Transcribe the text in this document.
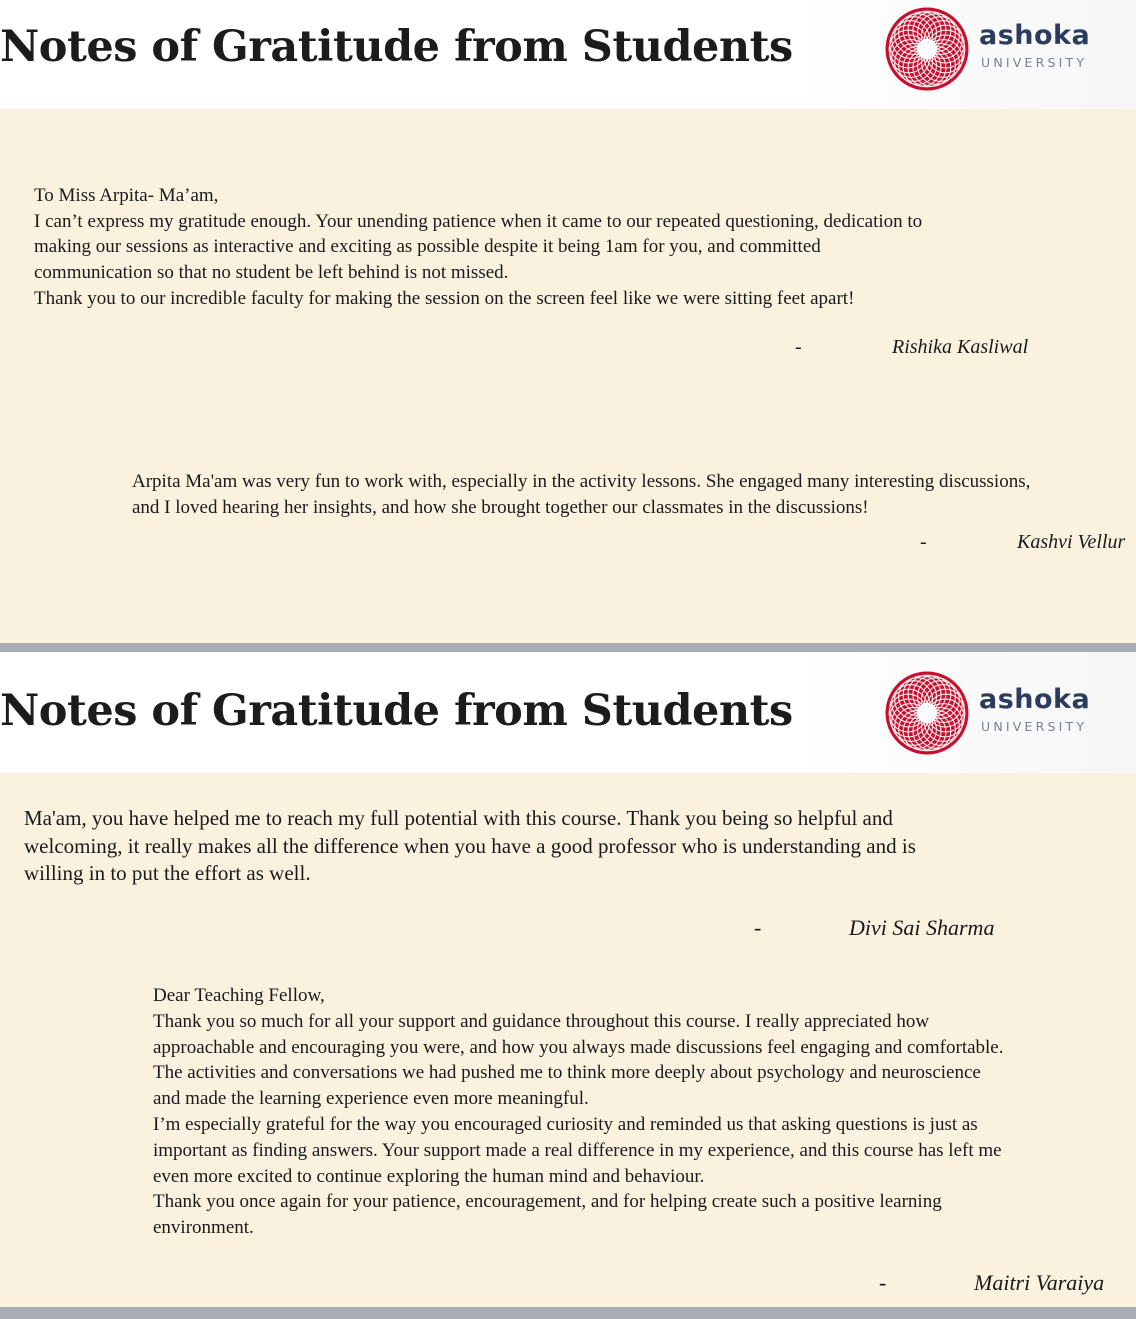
Notes of Gratitude from Students	ashoka
UNIVERSITY
Notes of Gratitude from Students	ashoka
UNIVERSITY

To Miss Arpita- Ma’am,

I can’t express my gratitude enough. Your unending patience when it came to our repeated questioning, dedication to

making our sessions as interactive and exciting as possible despite it being 1am for you, and committed

communication so that no student be left behind is not missed.

Thank you to our incredible faculty for making the session on the screen feel like we were sitting feet apart!

-	Rishika Kasliwal

Arpita Ma'am was very fun to work with, especially in the activity lessons. She engaged many interesting discussions,

and I loved hearing her insights, and how she brought together our classmates in the discussions!

-	Kashvi Vellur

Ma'am, you have helped me to reach my full potential with this course. Thank you being so helpful and

welcoming, it really makes all the difference when you have a good professor who is understanding and is

willing in to put the effort as well.

-	Divi Sai Sharma

Dear Teaching Fellow,

Thank you so much for all your support and guidance throughout this course. I really appreciated how

approachable and encouraging you were, and how you always made discussions feel engaging and comfortable.

The activities and conversations we had pushed me to think more deeply about psychology and neuroscience

and made the learning experience even more meaningful.

I’m especially grateful for the way you encouraged curiosity and reminded us that asking questions is just as

important as finding answers. Your support made a real difference in my experience, and this course has left me

even more excited to continue exploring the human mind and behaviour.

Thank you once again for your patience, encouragement, and for helping create such a positive learning

environment.

-	Maitri Varaiya
